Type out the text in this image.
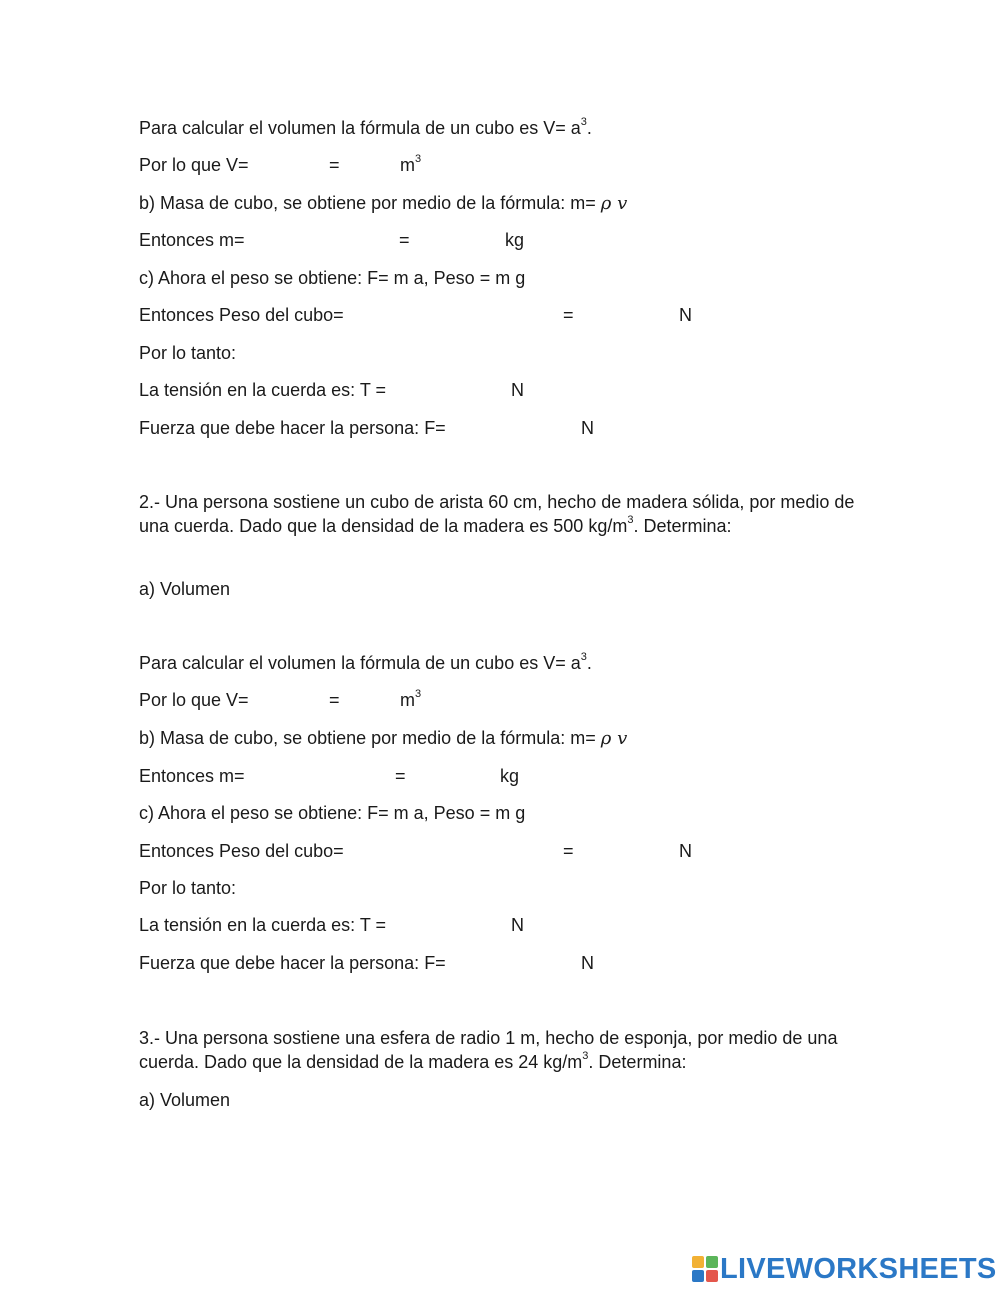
Para calcular el volumen la fórmula de un cubo es $V= a^3$.
Por lo que V=	=	$m^3$
b) Masa de cubo, se obtiene por medio de la fórmula: m= ρ v
Entonces m=	=	kg
c) Ahora el peso se obtiene: F= m a, Peso = m g
Entonces Peso del cubo=	=	N
Por lo tanto:
La tensión en la cuerda es: T =	N
Fuerza que debe hacer la persona: F=	N
2.- Una persona sostiene un cubo de arista 60 cm, hecho de madera sólida, por medio de una cuerda. Dado que la densidad de la madera es 500 $kg/m^3$. Determina:
a) Volumen
Para calcular el volumen la fórmula de un cubo es $V= a^3$.
Por lo que V=	=	$m^3$
b) Masa de cubo, se obtiene por medio de la fórmula: m= ρ v
Entonces m=	=	kg
c) Ahora el peso se obtiene: F= m a, Peso = m g
Entonces Peso del cubo=	=	N
Por lo tanto:
La tensión en la cuerda es: T =	N
Fuerza que debe hacer la persona: F=	N
3.- Una persona sostiene una esfera de radio 1 m, hecho de esponja, por medio de una cuerda. Dado que la densidad de la madera es 24 $kg/m^3$. Determina:
a) Volumen
LIVEWORKSHEETS
